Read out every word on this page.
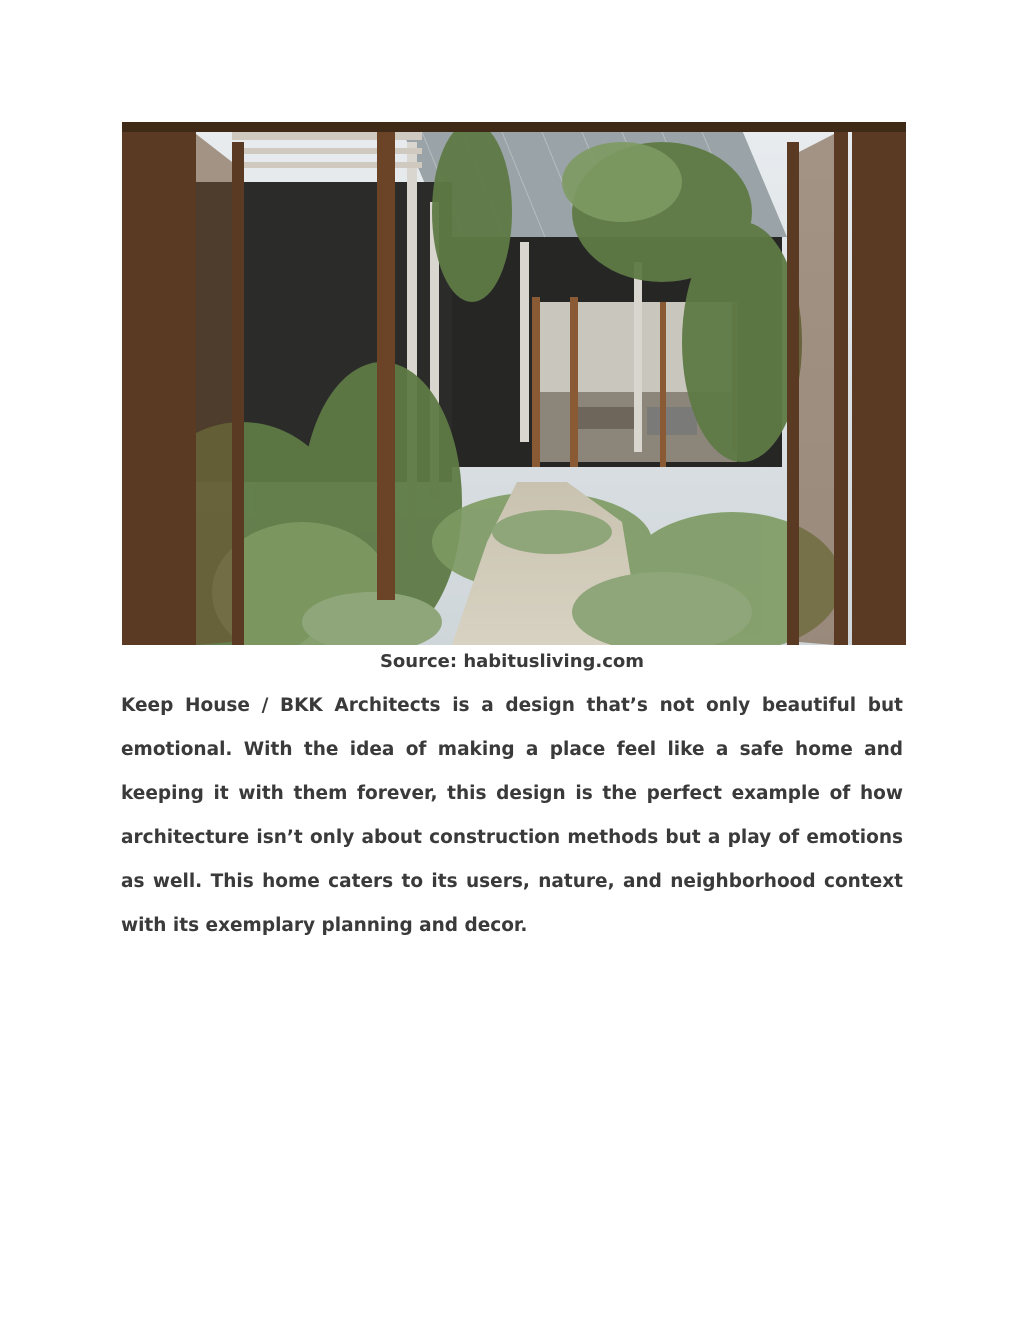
Source: habitusliving.com

Keep House / BKK Architects is a design that’s not only beautiful but emotional. With the idea of making a place feel like a safe home and keeping it with them forever, this design is the perfect example of how architecture isn’t only about construction methods but a play of emotions as well. This home caters to its users, nature, and neighborhood context with its exemplary planning and decor.
